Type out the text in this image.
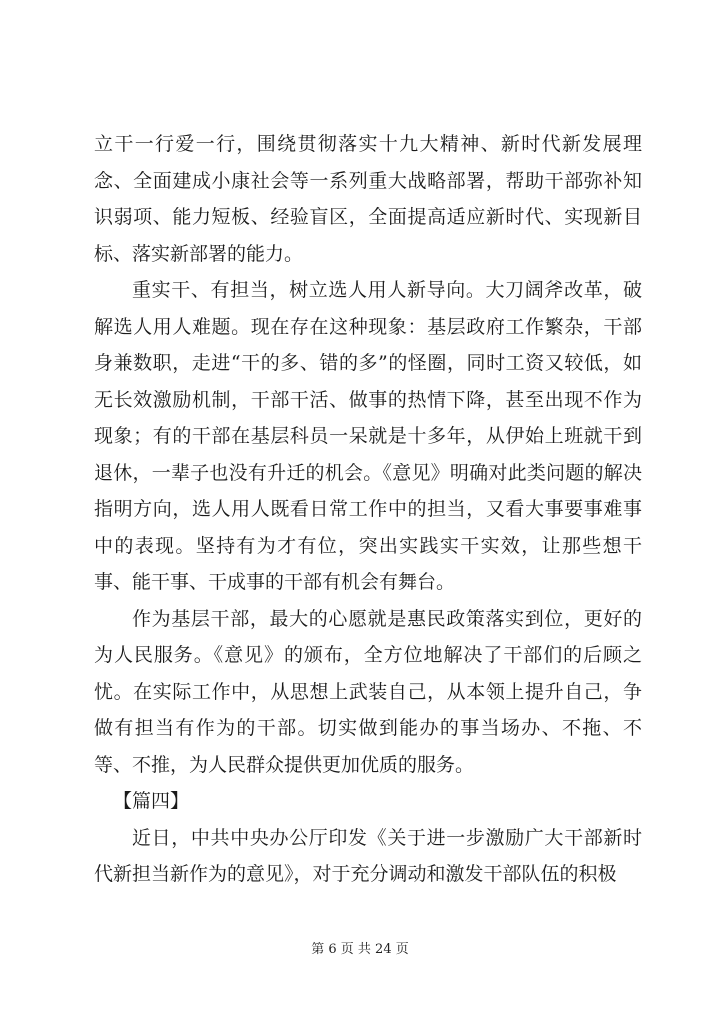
立干一行爱一行，围绕贯彻落实十九大精神、新时代新发展理念、全面建成小康社会等一系列重大战略部署，帮助干部弥补知识弱项、能力短板、经验盲区，全面提高适应新时代、实现新目标、落实新部署的能力。

重实干、有担当，树立选人用人新导向。大刀阔斧改革，破解选人用人难题。现在存在这种现象：基层政府工作繁杂，干部身兼数职，走进“干的多、错的多”的怪圈，同时工资又较低，如无长效激励机制，干部干活、做事的热情下降，甚至出现不作为现象；有的干部在基层科员一呆就是十多年，从伊始上班就干到退休，一辈子也没有升迁的机会。《意见》明确对此类问题的解决指明方向，选人用人既看日常工作中的担当，又看大事要事难事中的表现。坚持有为才有位，突出实践实干实效，让那些想干事、能干事、干成事的干部有机会有舞台。

作为基层干部，最大的心愿就是惠民政策落实到位，更好的为人民服务。《意见》的颁布，全方位地解决了干部们的后顾之忧。在实际工作中，从思想上武装自己，从本领上提升自己，争做有担当有作为的干部。切实做到能办的事当场办、不拖、不等、不推，为人民群众提供更加优质的服务。

【篇四】

近日，中共中央办公厅印发《关于进一步激励广大干部新时代新担当新作为的意见》，对于充分调动和激发干部队伍的积极

第 6 页 共 24 页
